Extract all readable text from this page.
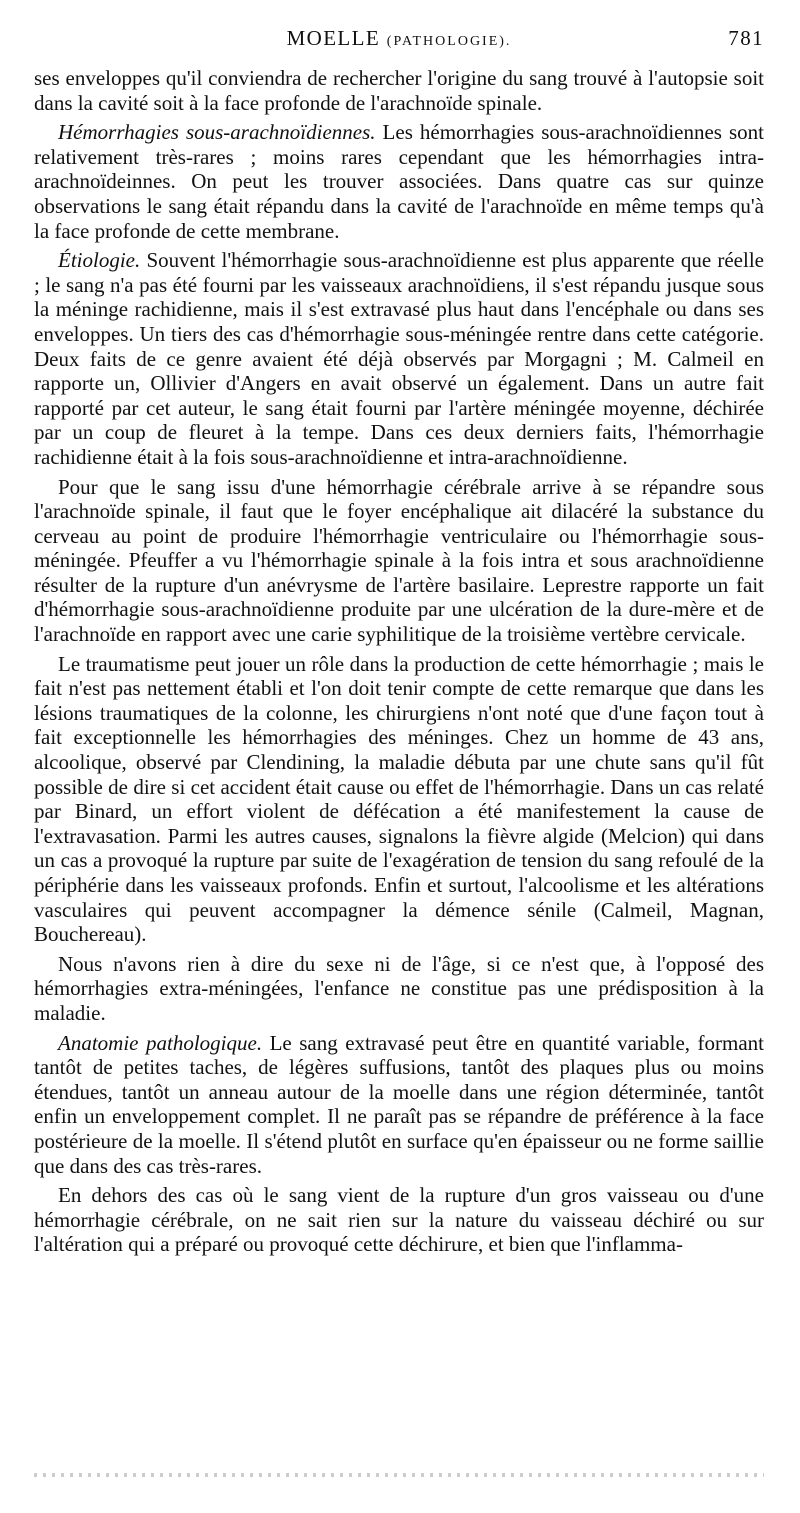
MOELLE (PATHOLOGIE).	781

ses enveloppes qu'il conviendra de rechercher l'origine du sang trouvé à l'autopsie soit dans la cavité soit à la face profonde de l'arachnoïde spinale.

Hémorrhagies sous-arachnoïdiennes. Les hémorrhagies sous-arachnoïdiennes sont relativement très-rares ; moins rares cependant que les hémorrhagies intra-arachnoïdeinnes. On peut les trouver associées. Dans quatre cas sur quinze observations le sang était répandu dans la cavité de l'arachnoïde en même temps qu'à la face profonde de cette membrane.

Étiologie. Souvent l'hémorrhagie sous-arachnoïdienne est plus apparente que réelle ; le sang n'a pas été fourni par les vaisseaux arachnoïdiens, il s'est répandu jusque sous la méninge rachidienne, mais il s'est extravasé plus haut dans l'encéphale ou dans ses enveloppes. Un tiers des cas d'hémorrhagie sous-méningée rentre dans cette catégorie. Deux faits de ce genre avaient été déjà observés par Morgagni ; M. Calmeil en rapporte un, Ollivier d'Angers en avait observé un également. Dans un autre fait rapporté par cet auteur, le sang était fourni par l'artère méningée moyenne, déchirée par un coup de fleuret à la tempe. Dans ces deux derniers faits, l'hémorrhagie rachidienne était à la fois sous-arachnoïdienne et intra-arachnoïdienne.

Pour que le sang issu d'une hémorrhagie cérébrale arrive à se répandre sous l'arachnoïde spinale, il faut que le foyer encéphalique ait dilacéré la substance du cerveau au point de produire l'hémorrhagie ventriculaire ou l'hémorrhagie sous-méningée. Pfeuffer a vu l'hémorrhagie spinale à la fois intra et sous arachnoïdienne résulter de la rupture d'un anévrysme de l'artère basilaire. Leprestre rapporte un fait d'hémorrhagie sous-arachnoïdienne produite par une ulcération de la dure-mère et de l'arachnoïde en rapport avec une carie syphilitique de la troisième vertèbre cervicale.

Le traumatisme peut jouer un rôle dans la production de cette hémorrhagie ; mais le fait n'est pas nettement établi et l'on doit tenir compte de cette remarque que dans les lésions traumatiques de la colonne, les chirurgiens n'ont noté que d'une façon tout à fait exceptionnelle les hémorrhagies des méninges. Chez un homme de 43 ans, alcoolique, observé par Clendining, la maladie débuta par une chute sans qu'il fût possible de dire si cet accident était cause ou effet de l'hémorrhagie. Dans un cas relaté par Binard, un effort violent de défécation a été manifestement la cause de l'extravasation. Parmi les autres causes, signalons la fièvre algide (Melcion) qui dans un cas a provoqué la rupture par suite de l'exagération de tension du sang refoulé de la périphérie dans les vaisseaux profonds. Enfin et surtout, l'alcoolisme et les altérations vasculaires qui peuvent accompagner la démence sénile (Calmeil, Magnan, Bouchereau).

Nous n'avons rien à dire du sexe ni de l'âge, si ce n'est que, à l'opposé des hémorrhagies extra-méningées, l'enfance ne constitue pas une prédisposition à la maladie.

Anatomie pathologique. Le sang extravasé peut être en quantité variable, formant tantôt de petites taches, de légères suffusions, tantôt des plaques plus ou moins étendues, tantôt un anneau autour de la moelle dans une région déterminée, tantôt enfin un enveloppement complet. Il ne paraît pas se répandre de préférence à la face postérieure de la moelle. Il s'étend plutôt en surface qu'en épaisseur ou ne forme saillie que dans des cas très-rares.

En dehors des cas où le sang vient de la rupture d'un gros vaisseau ou d'une hémorrhagie cérébrale, on ne sait rien sur la nature du vaisseau déchiré ou sur l'altération qui a préparé ou provoqué cette déchirure, et bien que l'inflamma-
